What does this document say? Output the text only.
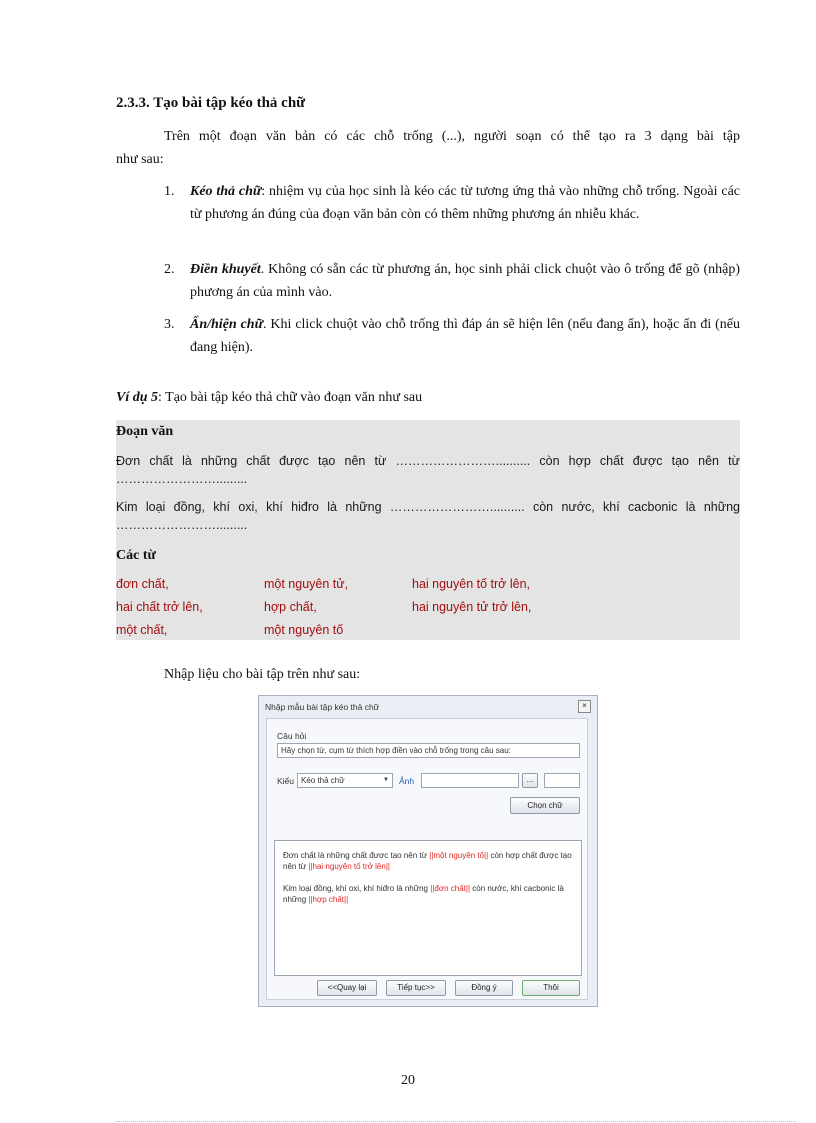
2.3.3. Tạo bài tập kéo thả chữ
Trên một đoạn văn bản có các chỗ trống (...), người soạn có thể tạo ra 3 dạng bài tập
như sau:
1. Kéo thả chữ: nhiệm vụ của học sinh là kéo các từ tương ứng thả vào những chỗ trống. Ngoài các từ phương án đúng của đoạn văn bản còn có thêm những phương án nhiễu khác.
2. Điền khuyết. Không có sẵn các từ phương án, học sinh phải click chuột vào ô trống để gõ (nhập) phương án của mình vào.
3. Ẩn/hiện chữ. Khi click chuột vào chỗ trống thì đáp án sẽ hiện lên (nếu đang ẩn), hoặc ẩn đi (nếu đang hiện).
Ví dụ 5: Tạo bài tập kéo thả chữ vào đoạn văn như sau
Đoạn văn
Đơn chất là những chất được tạo nên từ …………………….......... còn hợp chất được tạo nên từ
…………………….........
Kim loại đồng, khí oxi, khí hiđro là những …………………….......... còn nước, khí cacbonic là những
…………………….........
Các từ
đơn chất,	một nguyên tử,	hai nguyên tố trở lên,
hai chất trở lên,	hợp chất,	hai nguyên tử trở lên,
một chất,	một nguyên tố
Nhập liệu cho bài tập trên như sau:
Nhập mẫu bài tập kéo thả chữ	×
Câu hỏi
Hãy chọn từ, cụm từ thích hợp điền vào chỗ trống trong câu sau:
Kiểu Kéo thả chữ	▼ Ảnh	...
Chọn chữ

Đơn chất là những chất được tạo nên từ ||một nguyên tố|| còn hợp chất được tạo nên từ ||hai nguyên tố trở lên||

Kim loại đồng, khí oxi, khí hiđro là những ||đơn chất|| còn nước, khí cacbonic là những ||hợp chất||

<<Quay lại	Tiếp tục>>	Đồng ý	Thôi
20
